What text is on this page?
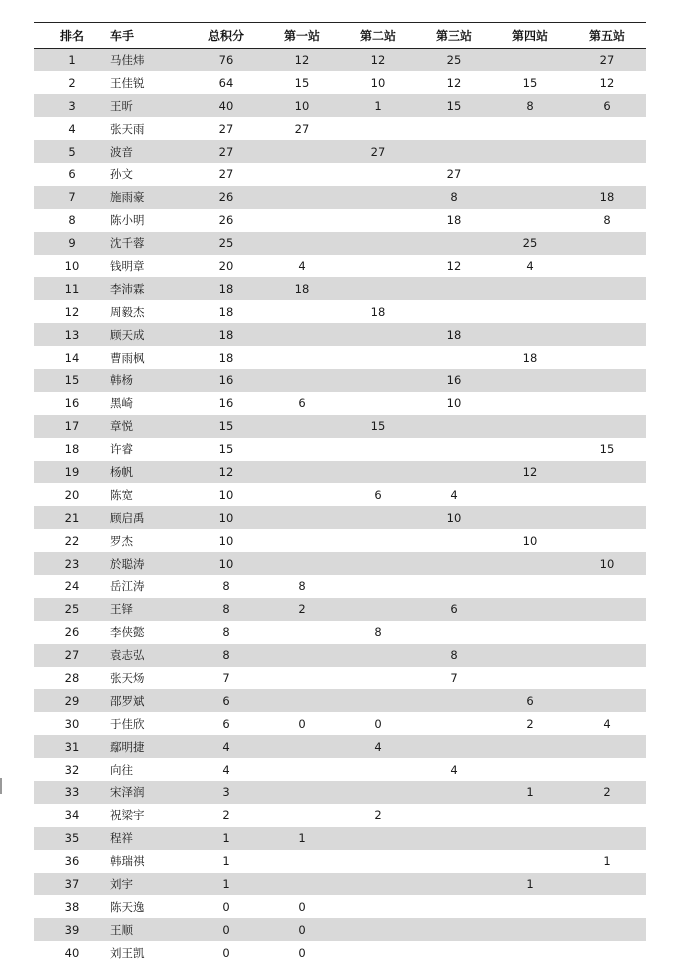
排名	车手	总积分	第一站	第二站	第三站	第四站	第五站
1	马佳炜	76	12	12	25		27
2	王佳锐	64	15	10	12	15	12
3	王昕	40	10	1	15	8	6
4	张天雨	27	27				
5	波音	27		27			
6	孙文	27			27		
7	施雨豪	26			8		18
8	陈小明	26			18		8
9	沈千蓉	25				25	
10	钱明章	20	4		12	4	
11	李沛霖	18	18				
12	周毅杰	18		18			
13	顾天成	18			18		
14	曹雨枫	18				18	
15	韩杨	16			16		
16	黑崎	16	6		10		
17	章悦	15		15			
18	许睿	15					15
19	杨帆	12				12	
20	陈宽	10		6	4		
21	顾启禹	10			10		
22	罗杰	10				10	
23	於聪涛	10					10
24	岳江涛	8	8				
25	王铎	8	2		6		
26	李侠懿	8		8			
27	袁志弘	8			8		
28	张天炀	7			7		
29	邵罗斌	6				6	
30	于佳欣	6	0	0		2	4
31	鄢明捷	4		4			
32	向往	4			4		
33	宋泽润	3				1	2
34	祝梁宇	2		2			
35	程祥	1	1				
36	韩瑞祺	1					1
37	刘宇	1				1	
38	陈天逸	0	0				
39	王顺	0	0				
40	刘王凯	0	0				
